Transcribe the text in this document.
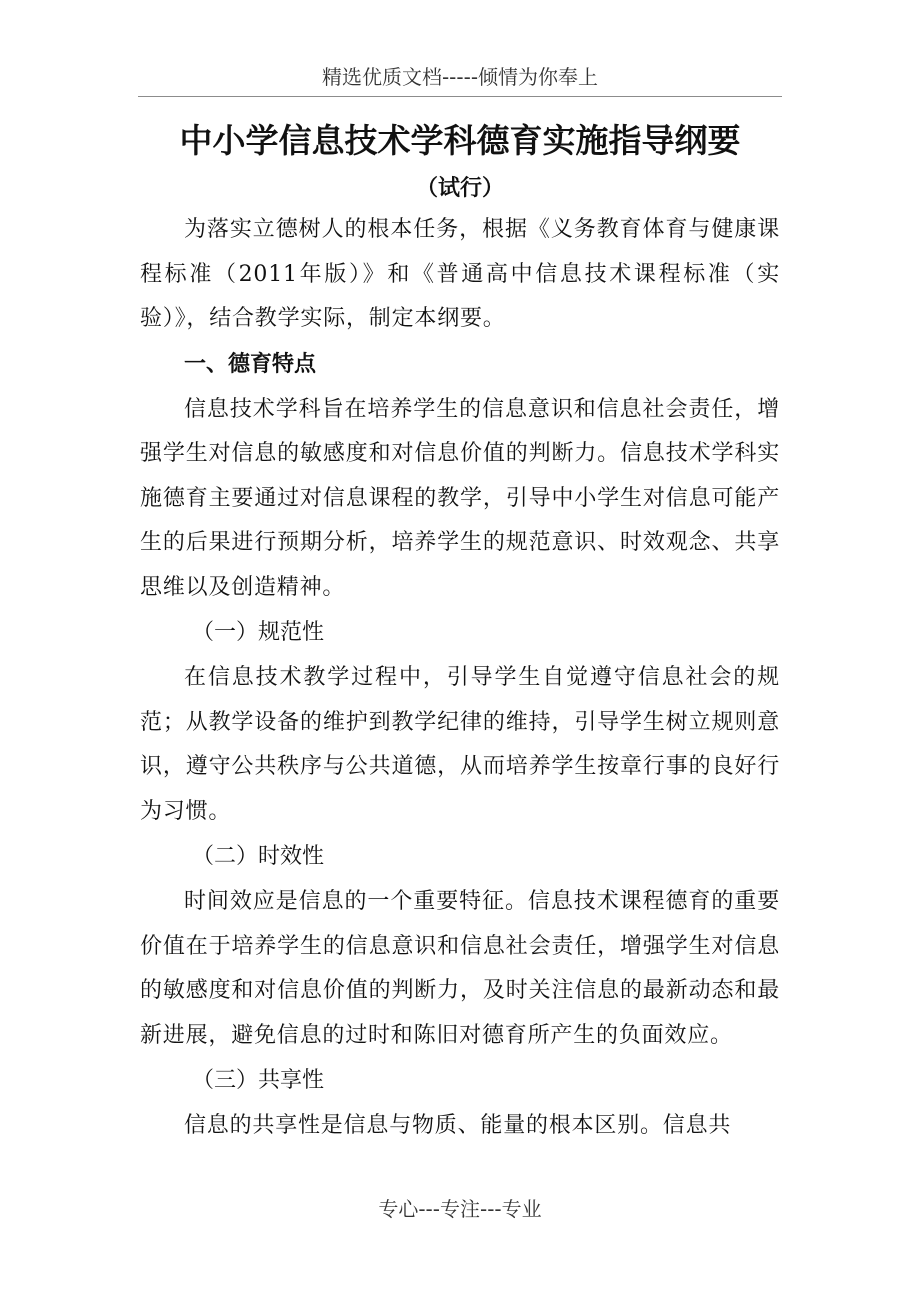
精选优质文档-----倾情为你奉上
中小学信息技术学科德育实施指导纲要
（试行）

为落实立德树人的根本任务，根据《义务教育体育与健康课程标准（2011年版）》和《普通高中信息技术课程标准（实验）》，结合教学实际，制定本纲要。

一、德育特点

信息技术学科旨在培养学生的信息意识和信息社会责任，增强学生对信息的敏感度和对信息价值的判断力。信息技术学科实施德育主要通过对信息课程的教学，引导中小学生对信息可能产生的后果进行预期分析，培养学生的规范意识、时效观念、共享思维以及创造精神。

（一）规范性

在信息技术教学过程中，引导学生自觉遵守信息社会的规范；从教学设备的维护到教学纪律的维持，引导学生树立规则意识，遵守公共秩序与公共道德，从而培养学生按章行事的良好行为习惯。

（二）时效性

时间效应是信息的一个重要特征。信息技术课程德育的重要价值在于培养学生的信息意识和信息社会责任，增强学生对信息的敏感度和对信息价值的判断力，及时关注信息的最新动态和最新进展，避免信息的过时和陈旧对德育所产生的负面效应。

（三）共享性

信息的共享性是信息与物质、能量的根本区别。信息共

专心---专注---专业
